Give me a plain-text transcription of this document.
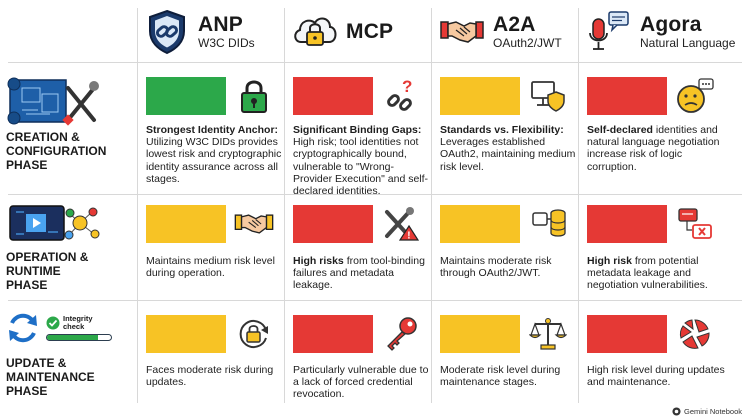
ANP
W3C DIDs	MCP	A2A
OAuth2/JWT
Agora
Natural Language
CREATION &
CONFIGURATION
PHASE
Strongest Identity Anchor: Utilizing W3C DIDs provides lowest risk and cryptographic identity assurance across all stages.
?
Significant Binding Gaps: High risk; tool identities not cryptographically bound, vulnerable to "Wrong-Provider Execution" and self-declared identities.
Standards vs. Flexibility: Leverages established OAuth2, maintaining medium risk level.
Self-declared identities and natural language negotiation increase risk of logic corruption.
OPERATION &
RUNTIME
PHASE
Maintains medium risk level during operation.
!
High risks from tool-binding failures and metadata leakage.
Maintains moderate risk through OAuth2/JWT.
High risk from potential metadata leakage and negotiation vulnerabilities.
Integrity check
UPDATE &
MAINTENANCE
PHASE
Faces moderate risk during updates.
Particularly vulnerable due to a lack of forced credential revocation.
Moderate risk level during maintenance stages.
High risk level during updates and maintenance.
Gemini Notebook
